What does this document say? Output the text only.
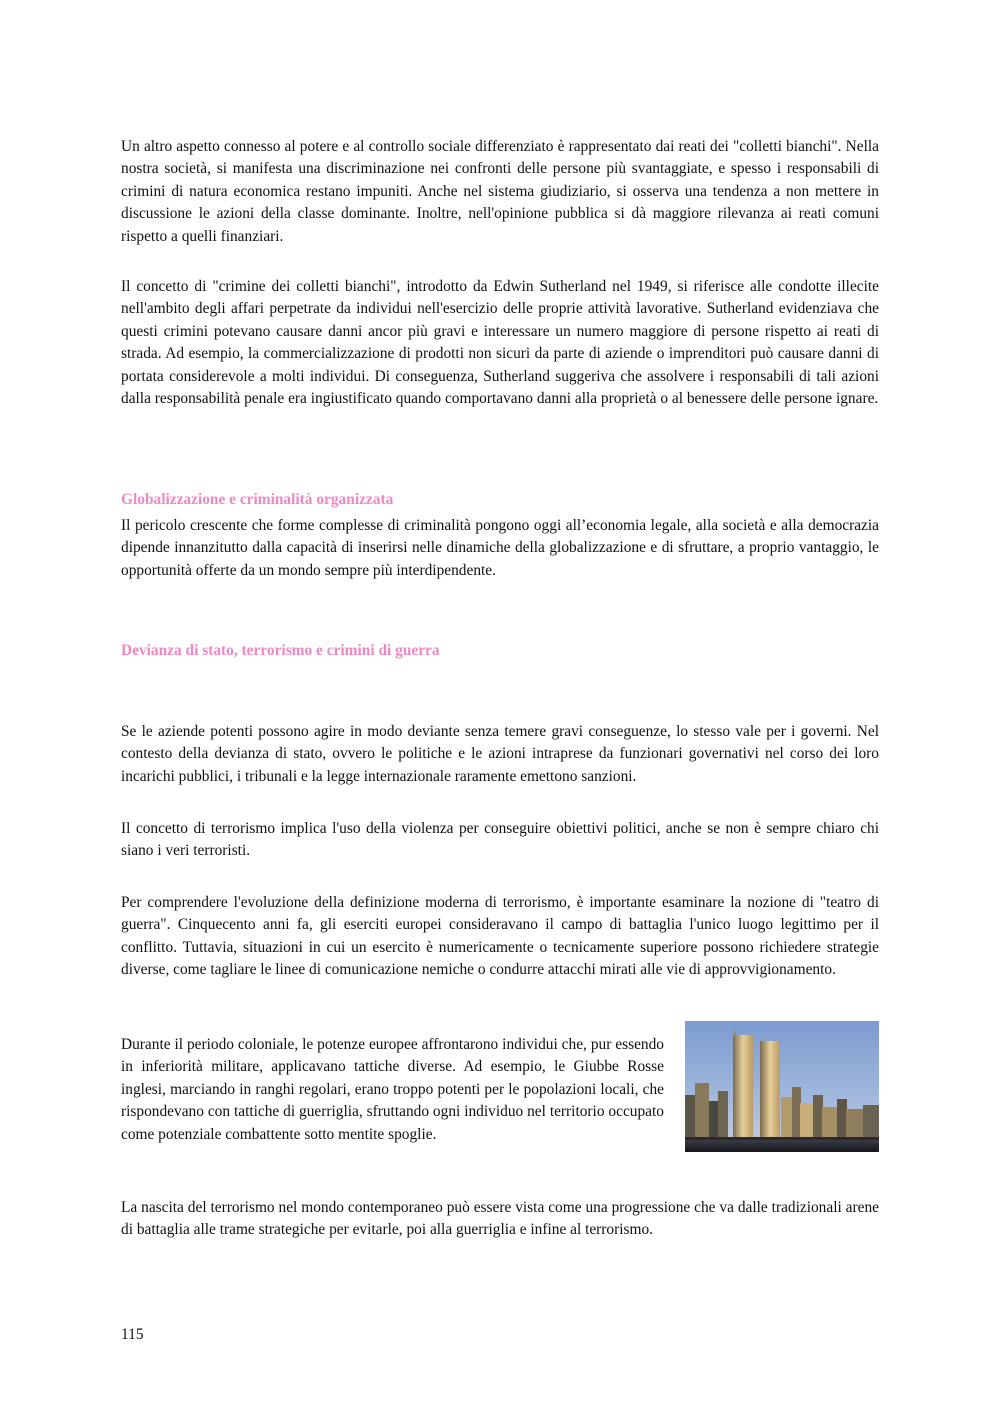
Un altro aspetto connesso al potere e al controllo sociale differenziato è rappresentato dai reati dei "colletti bianchi". Nella nostra società, si manifesta una discriminazione nei confronti delle persone più svantaggiate, e spesso i responsabili di crimini di natura economica restano impuniti. Anche nel sistema giudiziario, si osserva una tendenza a non mettere in discussione le azioni della classe dominante. Inoltre, nell'opinione pubblica si dà maggiore rilevanza ai reati comuni rispetto a quelli finanziari.

Il concetto di "crimine dei colletti bianchi", introdotto da Edwin Sutherland nel 1949, si riferisce alle condotte illecite nell'ambito degli affari perpetrate da individui nell'esercizio delle proprie attività lavorative. Sutherland evidenziava che questi crimini potevano causare danni ancor più gravi e interessare un numero maggiore di persone rispetto ai reati di strada. Ad esempio, la commercializzazione di prodotti non sicuri da parte di aziende o imprenditori può causare danni di portata considerevole a molti individui. Di conseguenza, Sutherland suggeriva che assolvere i responsabili di tali azioni dalla responsabilità penale era ingiustificato quando comportavano danni alla proprietà o al benessere delle persone ignare.

Globalizzazione e criminalità organizzata

Il pericolo crescente che forme complesse di criminalità pongono oggi all’economia legale, alla società e alla democrazia dipende innanzitutto dalla capacità di inserirsi nelle dinamiche della globalizzazione e di sfruttare, a proprio vantaggio, le opportunità offerte da un mondo sempre più interdipendente.

Devianza di stato, terrorismo e crimini di guerra

Se le aziende potenti possono agire in modo deviante senza temere gravi conseguenze, lo stesso vale per i governi. Nel contesto della devianza di stato, ovvero le politiche e le azioni intraprese da funzionari governativi nel corso dei loro incarichi pubblici, i tribunali e la legge internazionale raramente emettono sanzioni.

Il concetto di terrorismo implica l'uso della violenza per conseguire obiettivi politici, anche se non è sempre chiaro chi siano i veri terroristi.

Per comprendere l'evoluzione della definizione moderna di terrorismo, è importante esaminare la nozione di "teatro di guerra". Cinquecento anni fa, gli eserciti europei consideravano il campo di battaglia l'unico luogo legittimo per il conflitto. Tuttavia, situazioni in cui un esercito è numericamente o tecnicamente superiore possono richiedere strategie diverse, come tagliare le linee di comunicazione nemiche o condurre attacchi mirati alle vie di approvvigionamento.

Durante il periodo coloniale, le potenze europee affrontarono individui che, pur essendo in inferiorità militare, applicavano tattiche diverse. Ad esempio, le Giubbe Rosse inglesi, marciando in ranghi regolari, erano troppo potenti per le popolazioni locali, che rispondevano con tattiche di guerriglia, sfruttando ogni individuo nel territorio occupato come potenziale combattente sotto mentite spoglie.

La nascita del terrorismo nel mondo contemporaneo può essere vista come una progressione che va dalle tradizionali arene di battaglia alle trame strategiche per evitarle, poi alla guerriglia e infine al terrorismo.

115
